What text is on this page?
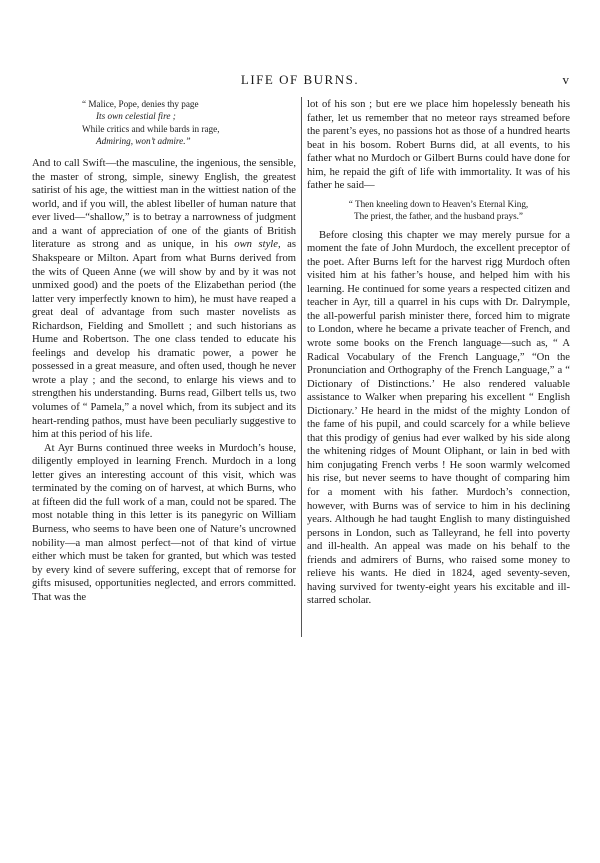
LIFE OF BURNS.	v
“ Malice, Pope, denies thy page
Its own celestial fire ;
While critics and while bards in rage,
Admiring, won’t admire.”

And to call Swift—the masculine, the ingenious, the sensible, the master of strong, simple, sinewy English, the greatest satirist of his age, the wittiest man in the wittiest nation of the world, and if you will, the ablest libeller of human nature that ever lived—“shallow,” is to betray a narrowness of judgment and a want of appreciation of one of the giants of British literature as strong and as unique, in his own style, as Shakspeare or Milton. Apart from what Burns derived from the wits of Queen Anne (we will show by and by it was not unmixed good) and the poets of the Elizabethan period (the latter very imperfectly known to him), he must have reaped a great deal of advantage from such master novelists as Richardson, Fielding and Smollett ; and such historians as Hume and Robertson. The one class tended to educate his feelings and develop his dramatic power, a power he possessed in a great measure, and often used, though he never wrote a play ; and the second, to enlarge his views and to strengthen his understanding. Burns read, Gilbert tells us, two volumes of “ Pamela,” a novel which, from its subject and its heart-rending pathos, must have been peculiarly suggestive to him at this period of his life.

At Ayr Burns continued three weeks in Murdoch’s house, diligently employed in learning French. Murdoch in a long letter gives an interesting account of this visit, which was terminated by the coming on of harvest, at which Burns, who at fifteen did the full work of a man, could not be spared. The most notable thing in this letter is its panegyric on William Burness, who seems to have been one of Nature’s uncrowned nobility—a man almost perfect—not of that kind of virtue either which must be taken for granted, but which was tested by every kind of severe suffering, except that of remorse for gifts misused, opportunities neglected, and errors committed. That was the

lot of his son ; but ere we place him hopelessly beneath his father, let us remember that no meteor rays streamed before the parent’s eyes, no passions hot as those of a hundred hearts beat in his bosom. Robert Burns did, at all events, to his father what no Murdoch or Gilbert Burns could have done for him, he repaid the gift of life with immortality. It was of his father he said—

“ Then kneeling down to Heaven’s Eternal King,
The priest, the father, and the husband prays.”

Before closing this chapter we may merely pursue for a moment the fate of John Murdoch, the excellent preceptor of the poet. After Burns left for the harvest rigg Murdoch often visited him at his father’s house, and helped him with his learning. He continued for some years a respected citizen and teacher in Ayr, till a quarrel in his cups with Dr. Dalrymple, the all-powerful parish minister there, forced him to migrate to London, where he became a private teacher of French, and wrote some books on the French language—such as, “ A Radical Vocabulary of the French Language,” “On the Pronunciation and Orthography of the French Language,” a “ Dictionary of Distinctions.’ He also rendered valuable assistance to Walker when preparing his excellent “ English Dictionary.’ He heard in the midst of the mighty London of the fame of his pupil, and could scarcely for a while believe that this prodigy of genius had ever walked by his side along the whitening ridges of Mount Oliphant, or lain in bed with him conjugating French verbs ! He soon warmly welcomed his rise, but never seems to have thought of comparing him for a moment with his father. Murdoch’s connection, however, with Burns was of service to him in his declining years. Although he had taught English to many distinguished persons in London, such as Talleyrand, he fell into poverty and ill-health. An appeal was made on his behalf to the friends and admirers of Burns, who raised some money to relieve his wants. He died in 1824, aged seventy-seven, having survived for twenty-eight years his excitable and ill-starred scholar.
